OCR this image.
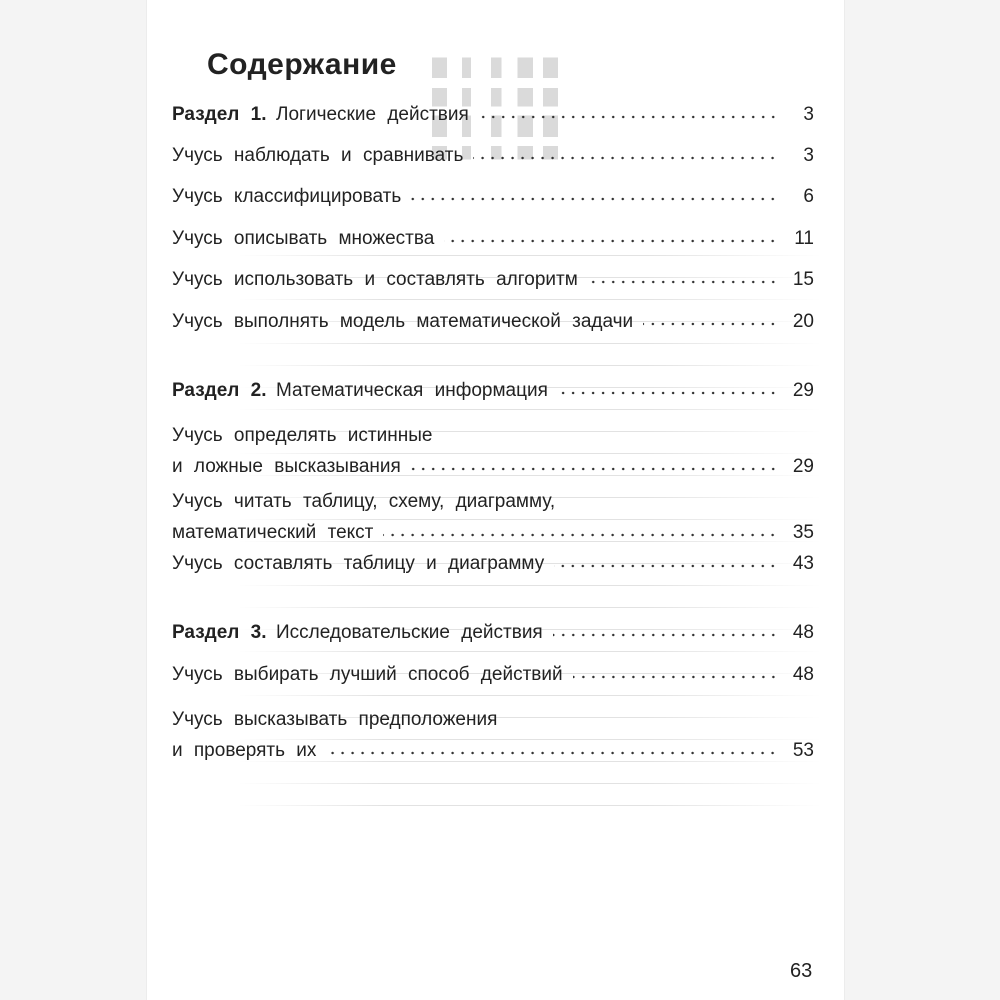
Содержание
Раздел 1.  Логические действия	3
Учусь наблюдать и сравнивать	3
Учусь классифицировать	6
Учусь описывать множества	11
Учусь использовать и составлять алгоритм	15
Учусь выполнять модель математической задачи	20
Раздел 2.  Математическая информация	29
Учусь определять истинные
и ложные высказывания	29
Учусь читать таблицу, схему, диаграмму,
математический текст	35
Учусь составлять таблицу и диаграмму	43
Раздел 3.  Исследовательские действия	48
Учусь выбирать лучший способ действий	48
Учусь высказывать предположения
и проверять их	53
63
